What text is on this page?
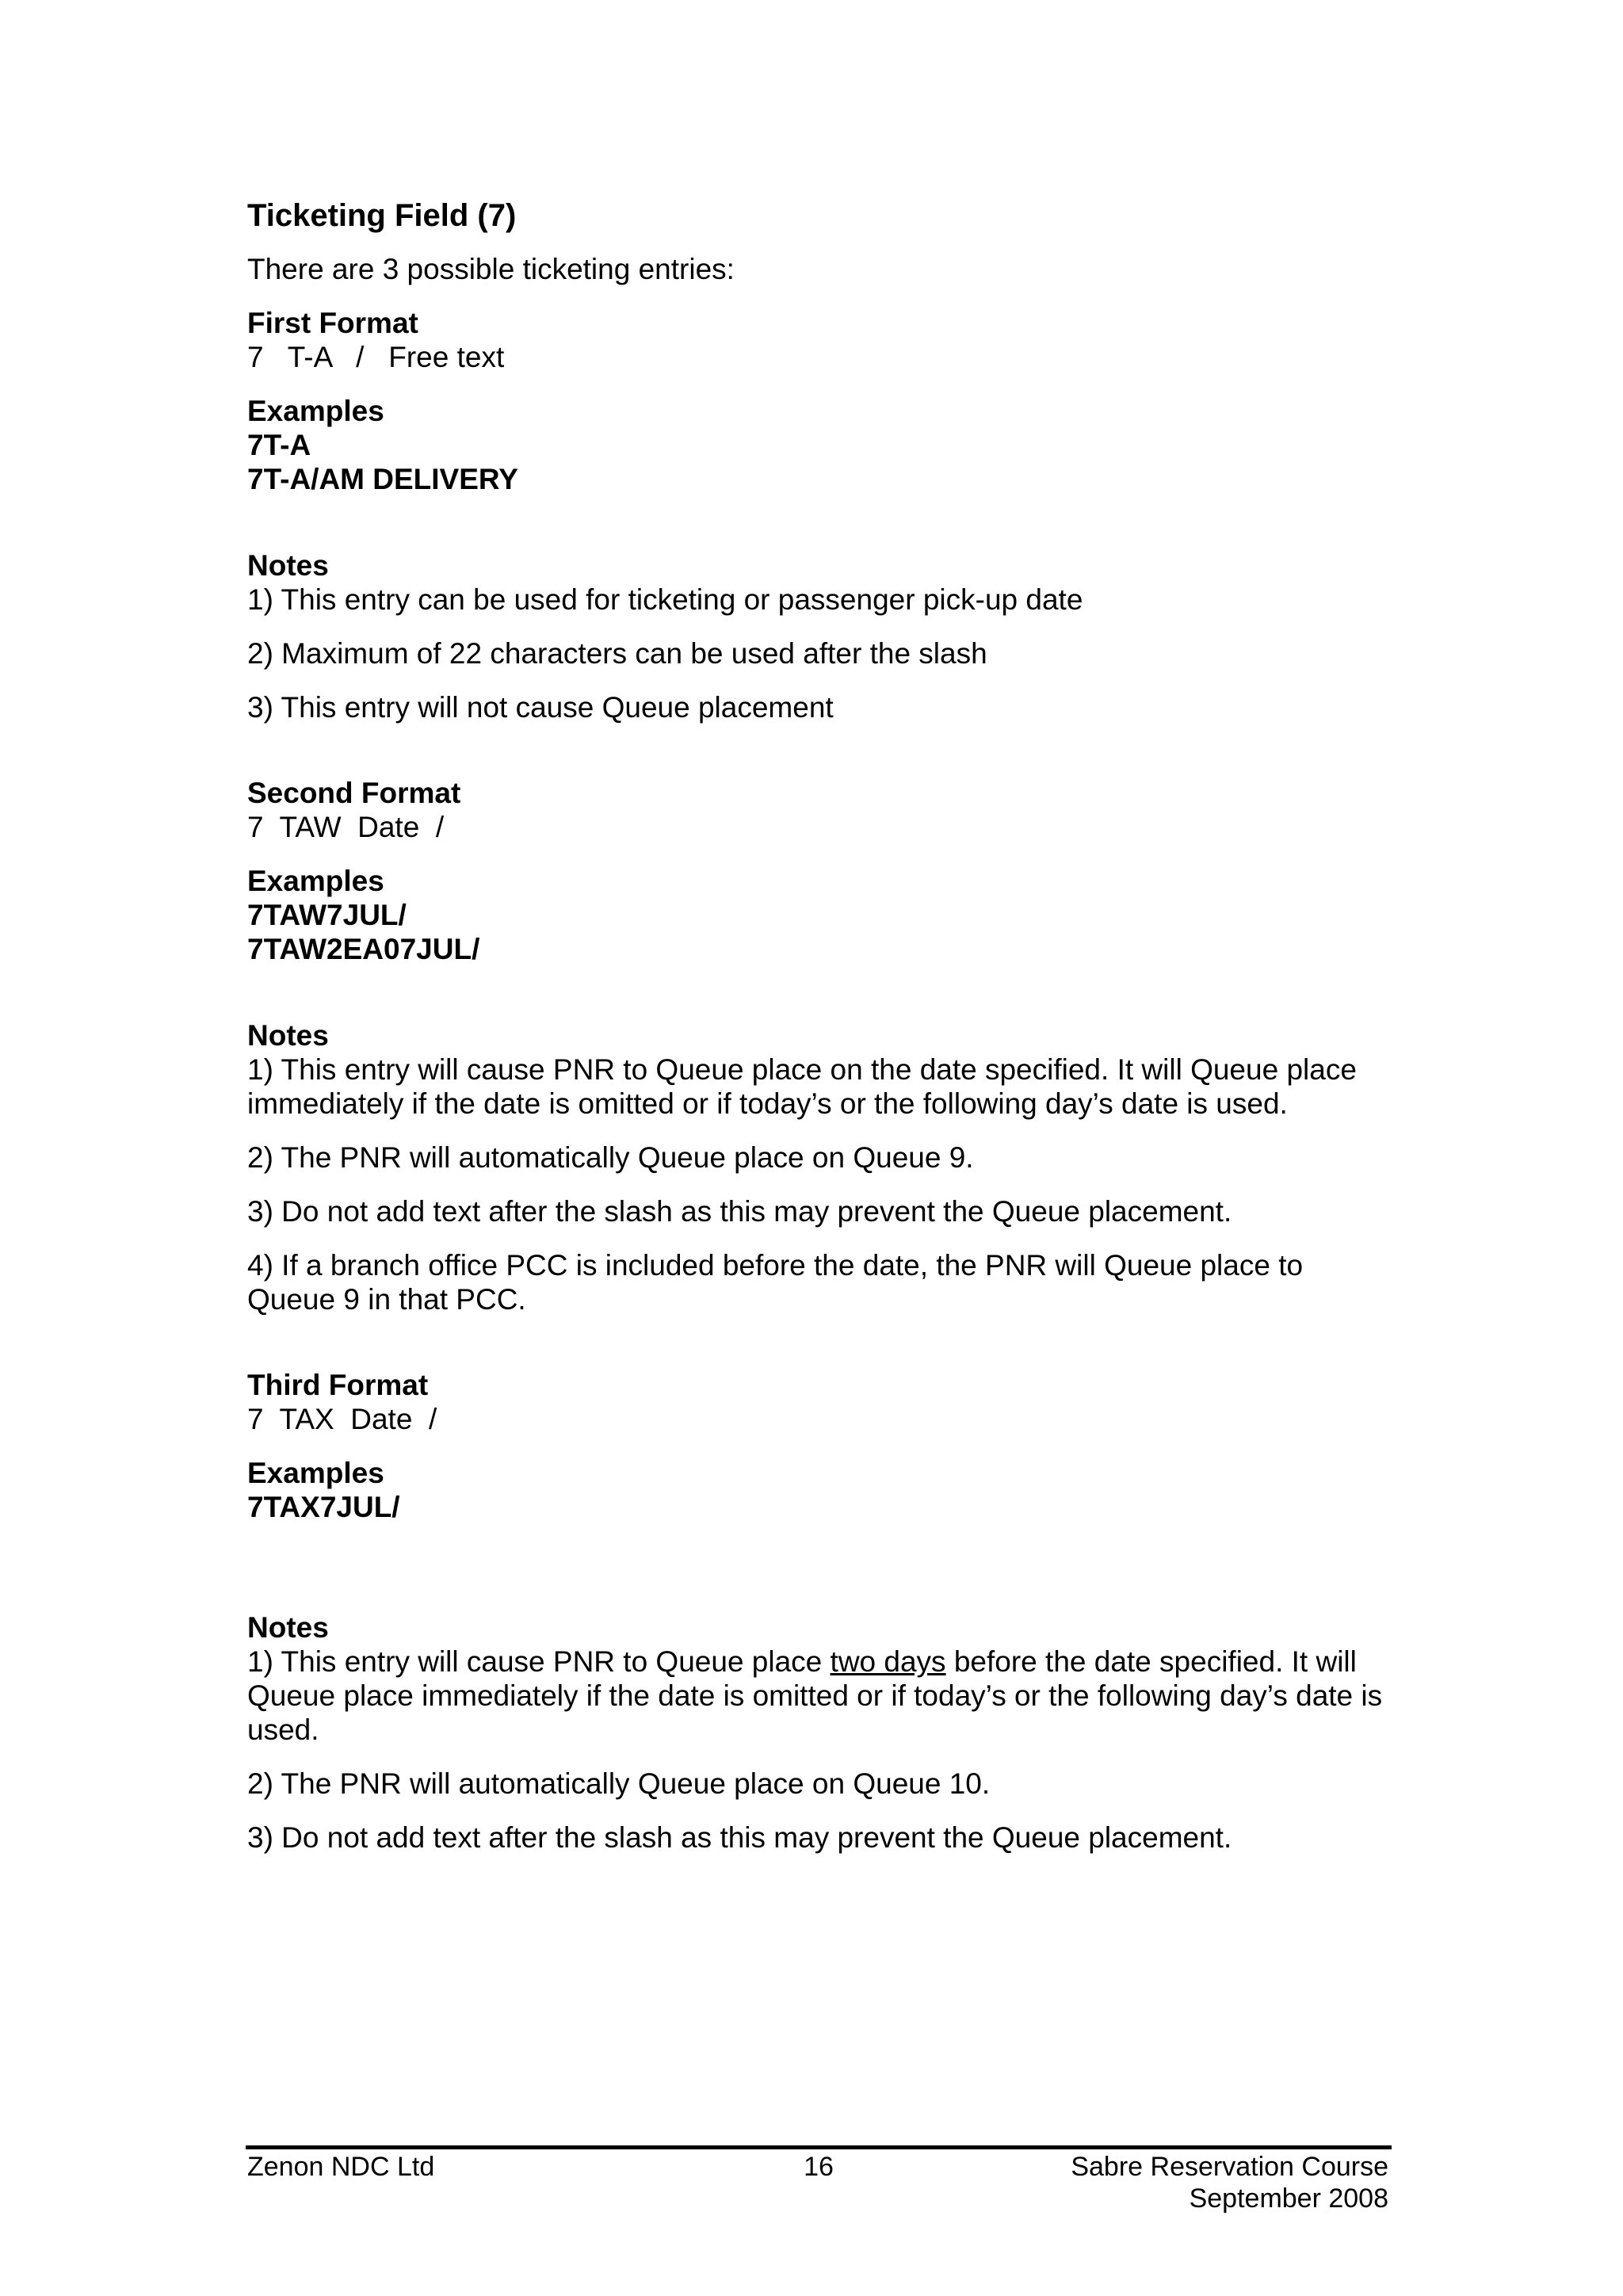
Ticketing Field (7)

There are 3 possible ticketing entries:

First Format

7   T-A   /   Free text

Examples

7T-A

7T-A/AM DELIVERY

Notes

1) This entry can be used for ticketing or passenger pick-up date

2) Maximum of 22 characters can be used after the slash

3) This entry will not cause Queue placement

Second Format

7  TAW  Date  /

Examples

7TAW7JUL/

7TAW2EA07JUL/

Notes

1) This entry will cause PNR to Queue place on the date specified. It will Queue place immediately if the date is omitted or if today’s or the following day’s date is used.

2) The PNR will automatically Queue place on Queue 9.

3) Do not add text after the slash as this may prevent the Queue placement.

4) If a branch office PCC is included before the date, the PNR will Queue place to Queue 9 in that PCC.

Third Format

7  TAX  Date  /

Examples

7TAX7JUL/

Notes

1) This entry will cause PNR to Queue place two days before the date specified. It will Queue place immediately if the date is omitted or if today’s or the following day’s date is used.

2) The PNR will automatically Queue place on Queue 10.

3) Do not add text after the slash as this may prevent the Queue placement.

Zenon NDC Ltd	16	Sabre Reservation Course
September 2008
